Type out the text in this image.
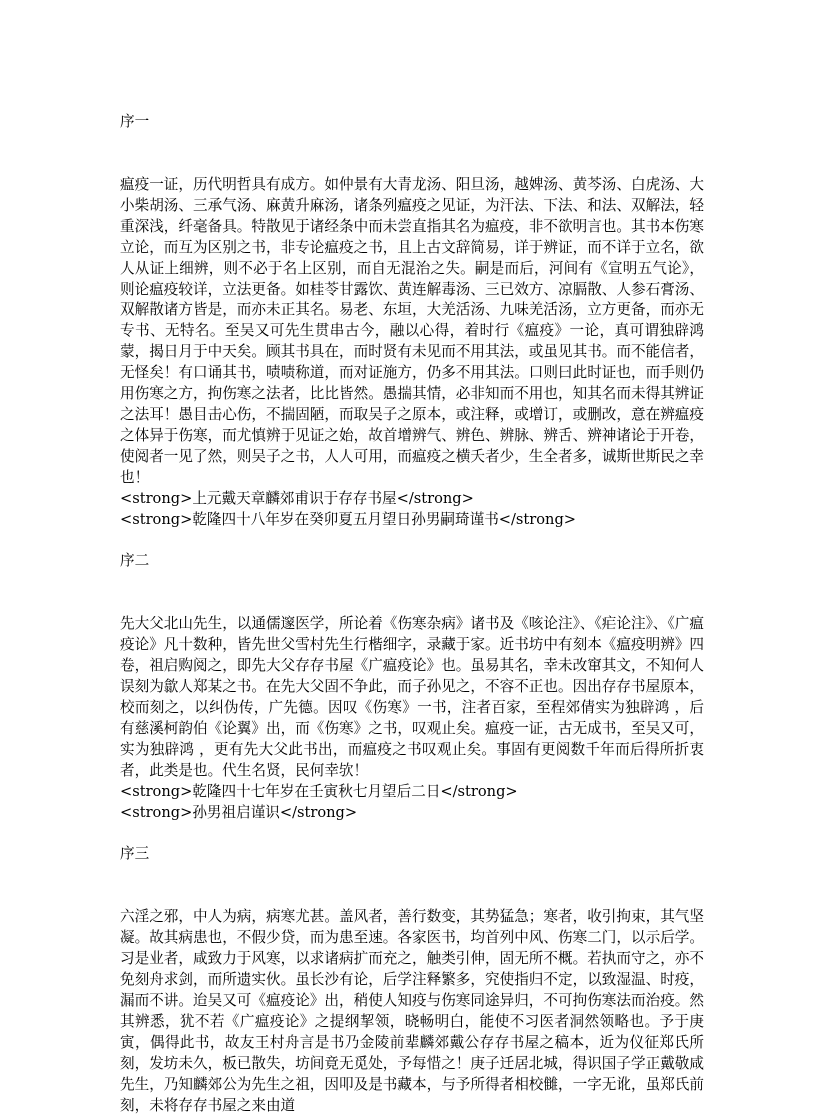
序一

瘟疫一证，历代明哲具有成方。如仲景有大青龙汤、阳旦汤，越婢汤、黄芩汤、白虎汤、大小柴胡汤、三承气汤、麻黄升麻汤，诸条列瘟疫之见证，为汗法、下法、和法、双解法，轻重深浅，纤毫备具。特散见于诸经条中而未尝直指其名为瘟疫，非不欲明言也。其书本伤寒立论，而互为区别之书，非专论瘟疫之书，且上古文辞简易，详于辨证，而不详于立名，欲人从证上细辨，则不必于名上区别，而自无混治之失。嗣是而后，河间有《宣明五气论》，则论瘟疫较详，立法更备。如桂苓甘露饮、黄连解毒汤、三已效方、凉膈散、人参石膏汤、双解散诸方皆是，而亦未正其名。易老、东垣，大羌活汤、九味羌活汤，立方更备，而亦无专书、无特名。至吴又可先生贯串古今，融以心得，着时行《瘟疫》一论，真可谓独辟鸿蒙，揭日月于中天矣。顾其书具在，而时贤有未见而不用其法，或虽见其书。而不能信者，无怪矣！有口诵其书，啧啧称道，而对证施方，仍多不用其法。口则曰此时证也，而手则仍用伤寒之方，拘伤寒之法者，比比皆然。愚揣其情，必非知而不用也，知其名而未得其辨证之法耳！愚目击心伤，不揣固陋，而取吴子之原本，或注释，或增订，或删改，意在辨瘟疫之体异于伤寒，而尤慎辨于见证之始，故首增辨气、辨色、辨脉、辨舌、辨神诸论于开卷，使阅者一见了然，则吴子之书，人人可用，而瘟疫之横夭者少，生全者多，诚斯世斯民之幸也！

<strong>上元戴天章麟郊甫识于存存书屋</strong>

<strong>乾隆四十八年岁在癸卯夏五月望日孙男嗣琦谨书</strong>

序二

先大父北山先生，以通儒邃医学，所论着《伤寒杂病》诸书及《咳论注》、《疟论注》、《广瘟疫论》凡十数种，皆先世父雪村先生行楷细字，录藏于家。近书坊中有刻本《瘟疫明辨》四卷，祖启购阅之，即先大父存存书屋《广瘟疫论》也。虽易其名，幸未改窜其文，不知何人误刻为歙人郑某之书。在先大父固不争此，而子孙见之，不容不正也。因出存存书屋原本，校而刻之，以纠伪传，广先德。因叹《伤寒》一书，注者百家，至程郊倩实为独辟鸿 ，后有慈溪柯韵伯《论翼》出，而《伤寒》之书，叹观止矣。瘟疫一证，古无成书，至吴又可，实为独辟鸿 ，更有先大父此书出，而瘟疫之书叹观止矣。事固有更阅数千年而后得所折衷者，此类是也。代生名贤，民何幸欤！

<strong>乾隆四十七年岁在壬寅秋七月望后二日</strong>

<strong>孙男祖启谨识</strong>

序三

六淫之邪，中人为病，病寒尤甚。盖风者，善行数变，其势猛急；寒者，收引拘束，其气坚凝。故其病患也，不假少贷，而为患至速。各家医书，均首列中风、伤寒二门，以示后学。习是业者，咸致力于风寒，以求诸病扩而充之，触类引伸，固无所不概。若执而守之，亦不免刻舟求剑，而所遗实伙。虽长沙有论，后学注释繁多，究使指归不定，以致湿温、时疫，漏而不讲。迨吴又可《瘟疫论》出，稍使人知疫与伤寒同途异归，不可拘伤寒法而治疫。然其辨悉，犹不若《广瘟疫论》之提纲挈领，晓畅明白，能使不习医者洞然领略也。予于庚寅，偶得此书，故友王村舟言是书乃金陵前辈麟郊戴公存存书屋之稿本，近为仪征郑氏所刻，发坊未久，板已散失，坊间竟无觅处，予每惜之！庚子迁居北城，得识国子学正戴敬咸先生，乃知麟郊公为先生之祖，因叩及是书藏本，与予所得者相校雠，一字无讹，虽郑氏前刻，未将存存书屋之来由道
